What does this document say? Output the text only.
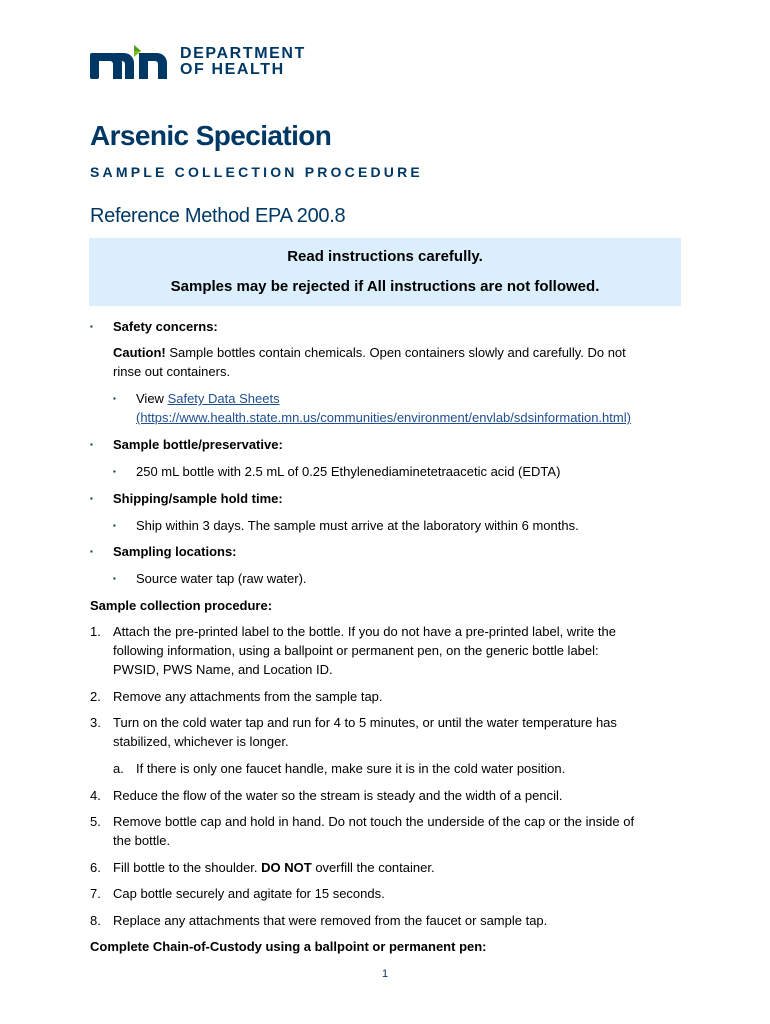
DEPARTMENT
OF HEALTH
Arsenic Speciation
SAMPLE COLLECTION PROCEDURE
Reference Method EPA 200.8
Read instructions carefully.
Samples may be rejected if All instructions are not followed.
▪ Safety concerns:
Caution! Sample bottles contain chemicals. Open containers slowly and carefully. Do not
rinse out containers.
▪ View Safety Data Sheets
(https://www.health.state.mn.us/communities/environment/envlab/sdsinformation.html)
▪ Sample bottle/preservative:
▪ 250 mL bottle with 2.5 mL of 0.25 Ethylenediaminetetraacetic acid (EDTA)
▪ Shipping/sample hold time:
▪ Ship within 3 days. The sample must arrive at the laboratory within 6 months.
▪ Sampling locations:
▪ Source water tap (raw water).
Sample collection procedure:
1. Attach the pre-printed label to the bottle. If you do not have a pre-printed label, write the
following information, using a ballpoint or permanent pen, on the generic bottle label:
PWSID, PWS Name, and Location ID.
2. Remove any attachments from the sample tap.
3. Turn on the cold water tap and run for 4 to 5 minutes, or until the water temperature has
stabilized, whichever is longer.
a. If there is only one faucet handle, make sure it is in the cold water position.
4. Reduce the flow of the water so the stream is steady and the width of a pencil.
5. Remove bottle cap and hold in hand. Do not touch the underside of the cap or the inside of
the bottle.
6. Fill bottle to the shoulder. DO NOT overfill the container.
7. Cap bottle securely and agitate for 15 seconds.
8. Replace any attachments that were removed from the faucet or sample tap.
Complete Chain-of-Custody using a ballpoint or permanent pen:
1
